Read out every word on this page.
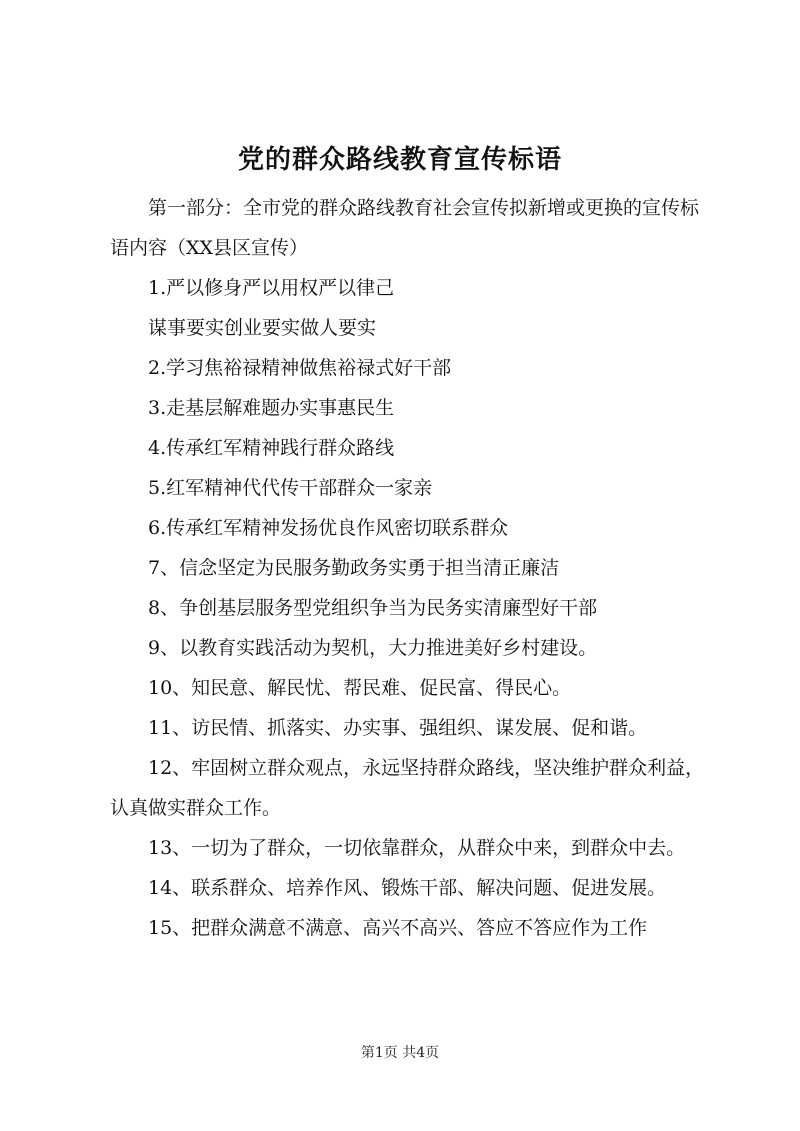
党的群众路线教育宣传标语

第一部分：全市党的群众路线教育社会宣传拟新增或更换的宣传标语内容（XX县区宣传）

1.严以修身严以用权严以律己

谋事要实创业要实做人要实

2.学习焦裕禄精神做焦裕禄式好干部

3.走基层解难题办实事惠民生

4.传承红军精神践行群众路线

5.红军精神代代传干部群众一家亲

6.传承红军精神发扬优良作风密切联系群众

7、信念坚定为民服务勤政务实勇于担当清正廉洁

8、争创基层服务型党组织争当为民务实清廉型好干部

9、以教育实践活动为契机，大力推进美好乡村建设。

10、知民意、解民忧、帮民难、促民富、得民心。

11、访民情、抓落实、办实事、强组织、谋发展、促和谐。

12、牢固树立群众观点，永远坚持群众路线，坚决维护群众利益，认真做实群众工作。

13、一切为了群众，一切依靠群众，从群众中来，到群众中去。

14、联系群众、培养作风、锻炼干部、解决问题、促进发展。

15、把群众满意不满意、高兴不高兴、答应不答应作为工作

第1页 共4页
